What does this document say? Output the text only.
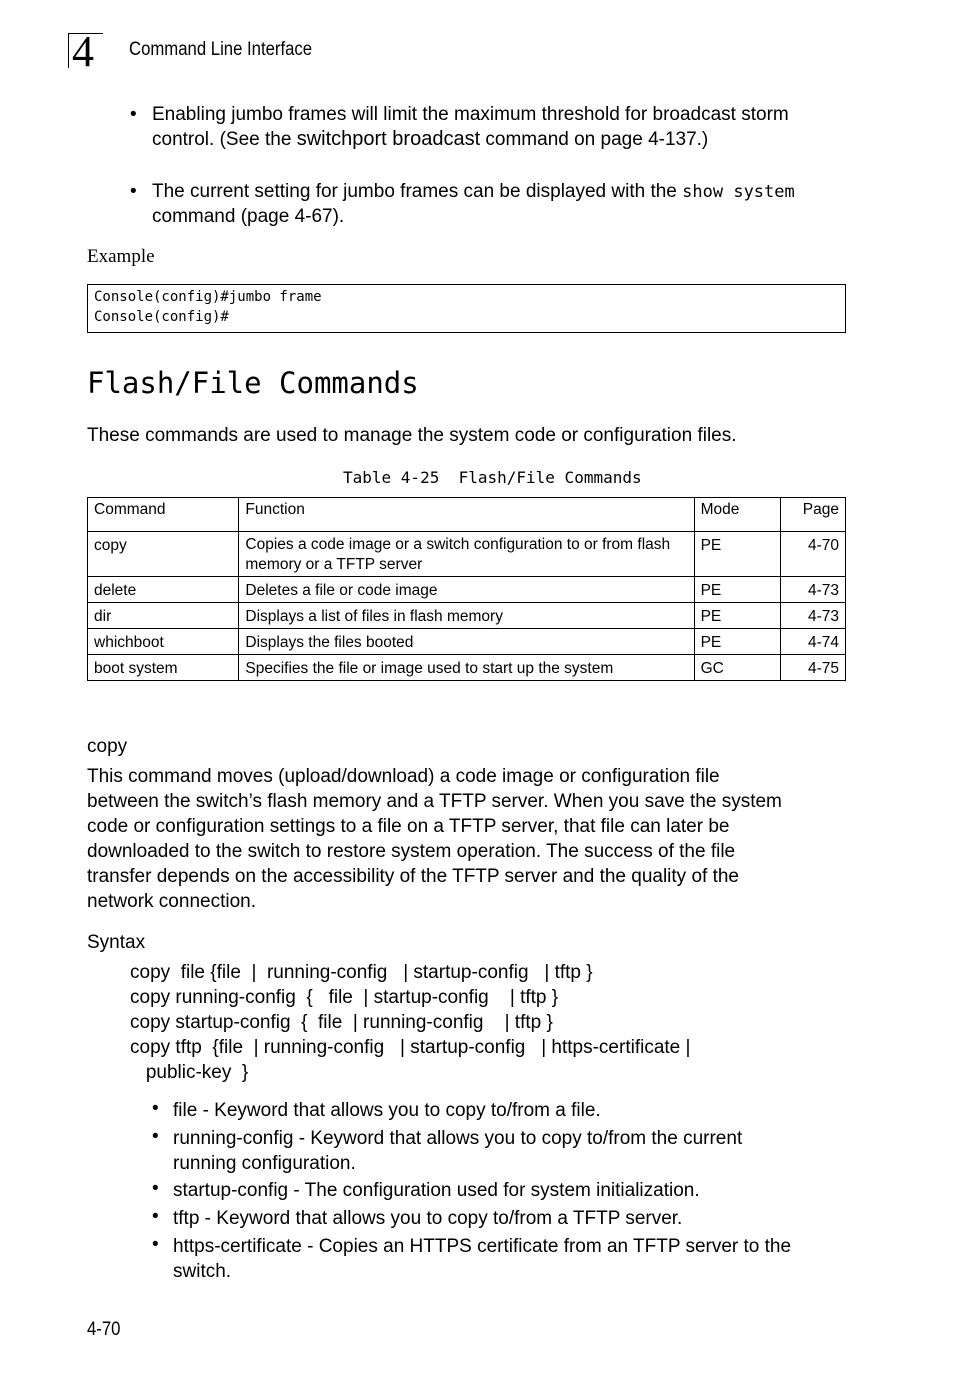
4 Command Line Interface
• Enabling jumbo frames will limit the maximum threshold for broadcast storm
control. (See the switchport broadcast command on page 4-137.)
• The current setting for jumbo frames can be displayed with the show system
command (page 4-67).
Example
Console(config)#jumbo frame
Console(config)#
Flash/File Commands
These commands are used to manage the system code or configuration files.
Table 4-25  Flash/File Commands
Command	Function	Mode	Page
copy	Copies a code image or a switch configuration to or from flash
memory or a TFTP server	PE	4-70
delete	Deletes a file or code image	PE	4-73
dir	Displays a list of files in flash memory	PE	4-73
whichboot	Displays the files booted	PE	4-74
boot system	Specifies the file or image used to start up the system	GC	4-75
copy
This command moves (upload/download) a code image or configuration file
between the switch’s flash memory and a TFTP server. When you save the system
code or configuration settings to a file on a TFTP server, that file can later be
downloaded to the switch to restore system operation. The success of the file
transfer depends on the accessibility of the TFTP server and the quality of the
network connection.
Syntax
copy  file {file  |  running-config   | startup-config   | tftp }
copy running-config  {   file  | startup-config    | tftp }
copy startup-config  {  file  | running-config    | tftp }
copy tftp  {file  | running-config   | startup-config   | https-certificate |
public-key  }
• file - Keyword that allows you to copy to/from a file.
• running-config - Keyword that allows you to copy to/from the current
running configuration.
• startup-config - The configuration used for system initialization.
• tftp - Keyword that allows you to copy to/from a TFTP server.
• https-certificate - Copies an HTTPS certificate from an TFTP server to the
switch.
4-70
